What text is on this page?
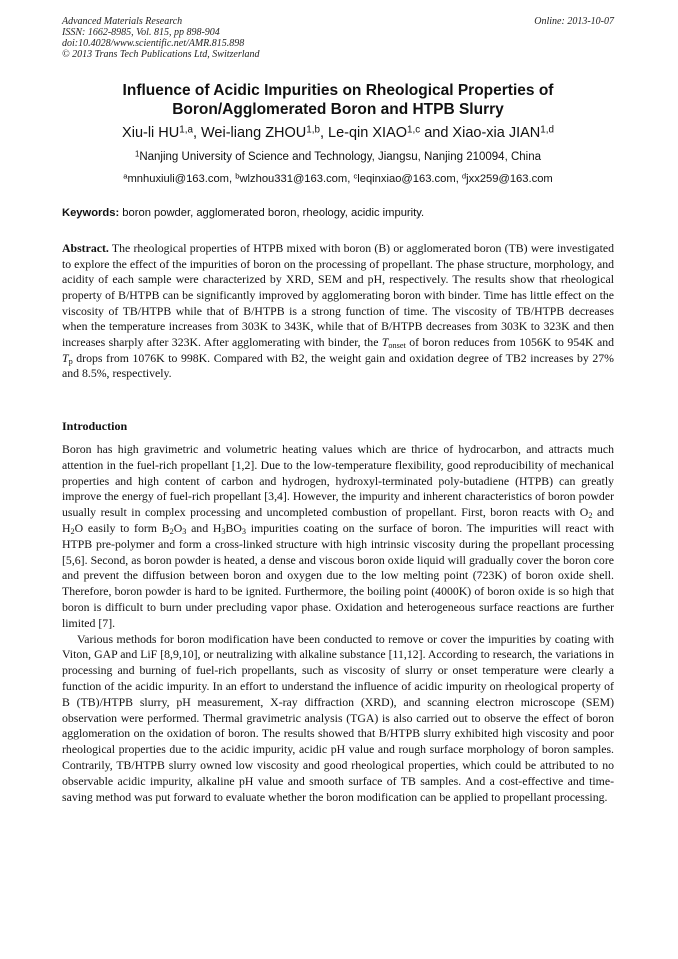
Advanced Materials Research
ISSN: 1662-8985, Vol. 815, pp 898-904
doi:10.4028/www.scientific.net/AMR.815.898
© 2013 Trans Tech Publications Ltd, Switzerland
Online: 2013-10-07
Influence of Acidic Impurities on Rheological Properties of
Boron/Agglomerated Boron and HTPB Slurry
Xiu-li HU$^{1,a}$, Wei-liang ZHOU$^{1,b}$, Le-qin XIAO$^{1,c}$ and Xiao-xia JIAN$^{1,d}$
$^1$Nanjing University of Science and Technology, Jiangsu, Nanjing 210094, China
$^a$mnhuxiuli@163.com, $^b$wlzhou331@163.com, $^c$leqinxiao@163.com, $^d$jxx259@163.com
Keywords: boron powder, agglomerated boron, rheology, acidic impurity.

Abstract. The rheological properties of HTPB mixed with boron (B) or agglomerated boron (TB) were investigated to explore the effect of the impurities of boron on the processing of propellant. The phase structure, morphology, and acidity of each sample were characterized by XRD, SEM and pH, respectively. The results show that rheological property of B/HTPB can be significantly improved by agglomerating boron with binder. Time has little effect on the viscosity of TB/HTPB while that of B/HTPB is a strong function of time. The viscosity of TB/HTPB decreases when the temperature increases from 303K to 343K, while that of B/HTPB decreases from 303K to 323K and then increases sharply after 323K. After agglomerating with binder, the $T_{onset}$ of boron reduces from 1056K to 954K and $T_p$ drops from 1076K to 998K. Compared with B2, the weight gain and oxidation degree of TB2 increases by 27% and 8.5%, respectively.

Introduction

Boron has high gravimetric and volumetric heating values which are thrice of hydrocarbon, and attracts much attention in the fuel-rich propellant [1,2]. Due to the low-temperature flexibility, good reproducibility of mechanical properties and high content of carbon and hydrogen, hydroxyl-terminated poly-butadiene (HTPB) can greatly improve the energy of fuel-rich propellant [3,4]. However, the impurity and inherent characteristics of boron powder usually result in complex processing and uncompleted combustion of propellant. First, boron reacts with $O_2$ and $H_2O$ easily to form $B_2O_3$ and $H_3BO_3$ impurities coating on the surface of boron. The impurities will react with HTPB pre-polymer and form a cross-linked structure with high intrinsic viscosity during the propellant processing [5,6]. Second, as boron powder is heated, a dense and viscous boron oxide liquid will gradually cover the boron core and prevent the diffusion between boron and oxygen due to the low melting point (723K) of boron oxide shell. Therefore, boron powder is hard to be ignited. Furthermore, the boiling point (4000K) of boron oxide is so high that boron is difficult to burn under precluding vapor phase. Oxidation and heterogeneous surface reactions are further limited [7].

Various methods for boron modification have been conducted to remove or cover the impurities by coating with Viton, GAP and LiF [8,9,10], or neutralizing with alkaline substance [11,12]. According to research, the variations in processing and burning of fuel-rich propellants, such as viscosity of slurry or onset temperature were clearly a function of the acidic impurity. In an effort to understand the influence of acidic impurity on rheological property of B (TB)/HTPB slurry, pH measurement, X-ray diffraction (XRD), and scanning electron microscope (SEM) observation were performed. Thermal gravimetric analysis (TGA) is also carried out to observe the effect of boron agglomeration on the oxidation of boron. The results showed that B/HTPB slurry exhibited high viscosity and poor rheological properties due to the acidic impurity, acidic pH value and rough surface morphology of boron samples. Contrarily, TB/HTPB slurry owned low viscosity and good rheological properties, which could be attributed to no observable acidic impurity, alkaline pH value and smooth surface of TB samples. And a cost-effective and time-saving method was put forward to evaluate whether the boron modification can be applied to propellant processing.
